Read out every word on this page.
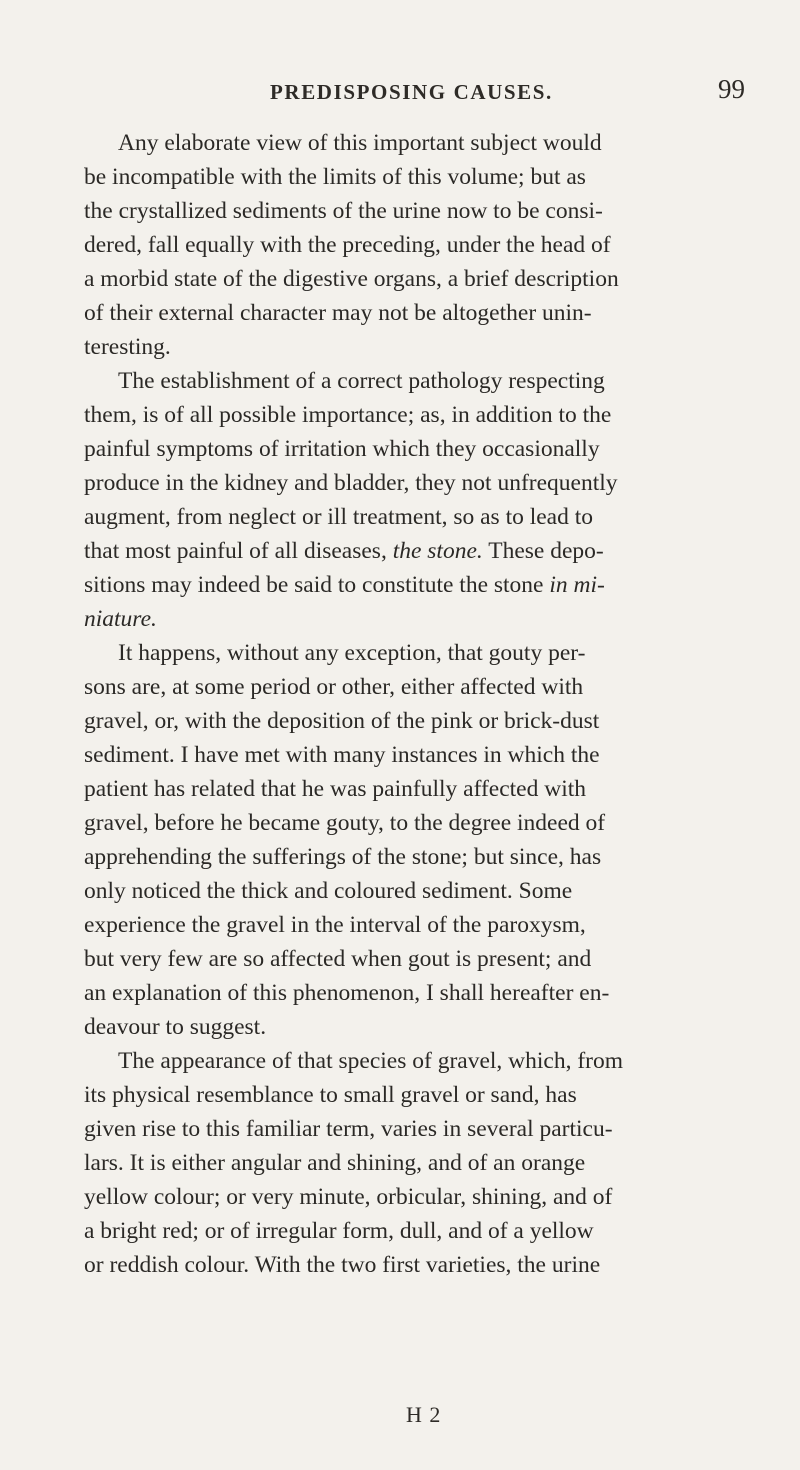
PREDISPOSING CAUSES.	99
Any elaborate view of this important subject would
be incompatible with the limits of this volume; but as
the crystallized sediments of the urine now to be consi-
dered, fall equally with the preceding, under the head of
a morbid state of the digestive organs, a brief description
of their external character may not be altogether unin-
teresting.
The establishment of a correct pathology respecting
them, is of all possible importance; as, in addition to the
painful symptoms of irritation which they occasionally
produce in the kidney and bladder, they not unfrequently
augment, from neglect or ill treatment, so as to lead to
that most painful of all diseases, the stone. These depo-
sitions may indeed be said to constitute the stone in mi-
niature.
It happens, without any exception, that gouty per-
sons are, at some period or other, either affected with
gravel, or, with the deposition of the pink or brick-dust
sediment. I have met with many instances in which the
patient has related that he was painfully affected with
gravel, before he became gouty, to the degree indeed of
apprehending the sufferings of the stone; but since, has
only noticed the thick and coloured sediment. Some
experience the gravel in the interval of the paroxysm,
but very few are so affected when gout is present; and
an explanation of this phenomenon, I shall hereafter en-
deavour to suggest.
The appearance of that species of gravel, which, from
its physical resemblance to small gravel or sand, has
given rise to this familiar term, varies in several particu-
lars. It is either angular and shining, and of an orange
yellow colour; or very minute, orbicular, shining, and of
a bright red; or of irregular form, dull, and of a yellow
or reddish colour. With the two first varieties, the urine
H 2
